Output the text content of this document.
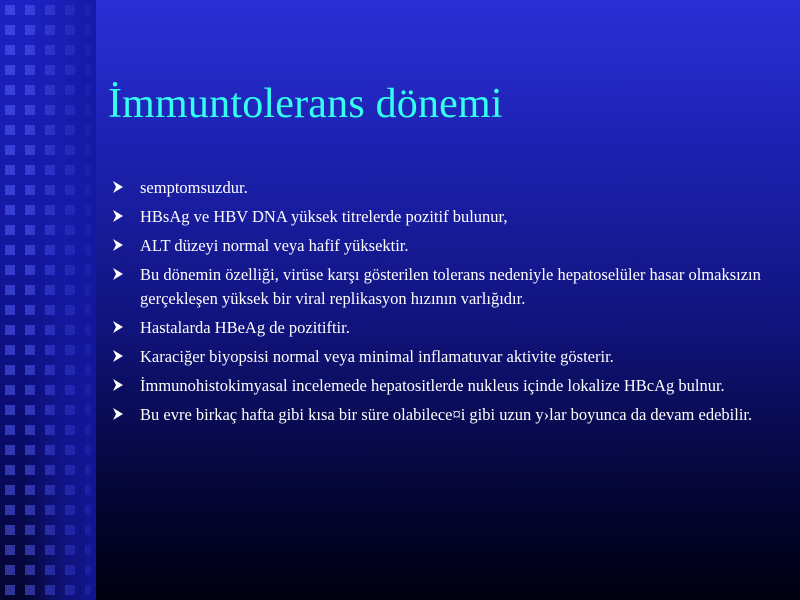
İmmuntolerans dönemi
semptomsuzdur.
HBsAg ve HBV DNA yüksek titrelerde pozitif bulunur,
ALT düzeyi normal veya hafif yüksektir.
Bu dönemin özelliği, virüse karşı gösterilen tolerans nedeniyle hepatoselüler hasar olmaksızın gerçekleşen yüksek bir viral replikasyon hızının varlığıdır.
Hastalarda HBeAg de pozitiftir.
Karaciğer biyopsisi normal veya minimal inflamatuvar aktivite gösterir.
İmmunohistokimyasal incelemede hepatositlerde nukleus içinde lokalize HBcAg bulnur.
Bu evre birkaç hafta gibi kısa bir süre olabilece¤i gibi uzun y›lar boyunca da devam edebilir.
